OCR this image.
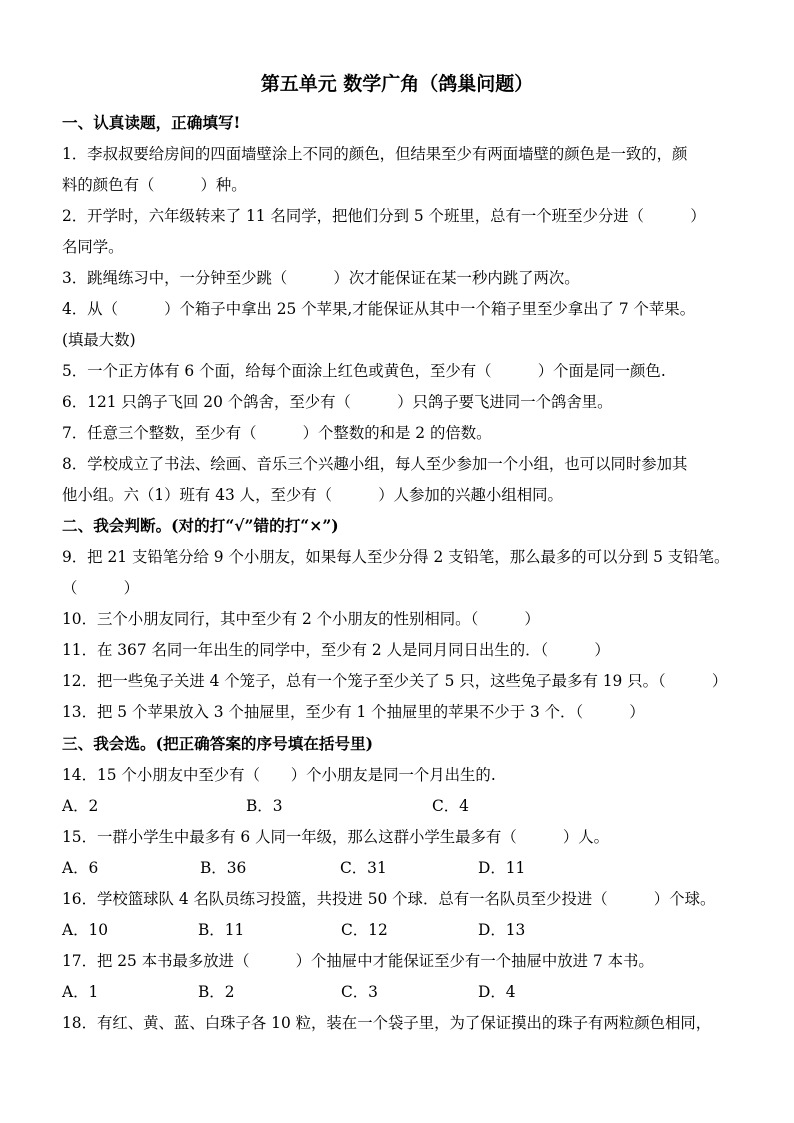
第五单元 数学广角（鸽巢问题）
一、认真读题，正确填写!
1．李叔叔要给房间的四面墙壁涂上不同的颜色，但结果至少有两面墙壁的颜色是一致的，颜
料的颜色有（　　　）种。
2．开学时，六年级转来了 11 名同学，把他们分到 5 个班里，总有一个班至少分进（　　　）
名同学。
3．跳绳练习中，一分钟至少跳（　　　）次才能保证在某一秒内跳了两次。
4．从（　　　）个箱子中拿出 25 个苹果,才能保证从其中一个箱子里至少拿出了 7 个苹果。
(填最大数)
5．一个正方体有 6 个面，给每个面涂上红色或黄色，至少有（　　　）个面是同一颜色.
6．121 只鸽子飞回 20 个鸽舍，至少有（　　　）只鸽子要飞进同一个鸽舍里。
7．任意三个整数，至少有（　　　）个整数的和是 2 的倍数。
8．学校成立了书法、绘画、音乐三个兴趣小组，每人至少参加一个小组，也可以同时参加其
他小组。六（1）班有 43 人，至少有（　　　）人参加的兴趣小组相同。
二、我会判断。(对的打“√”错的打“×”)
9．把 21 支铅笔分给 9 个小朋友，如果每人至少分得 2 支铅笔，那么最多的可以分到 5 支铅笔。
（　　　）
10．三个小朋友同行，其中至少有 2 个小朋友的性别相同。（　　　）
11．在 367 名同一年出生的同学中，至少有 2 人是同月同日出生的．（　　　）
12．把一些兔子关进 4 个笼子，总有一个笼子至少关了 5 只，这些兔子最多有 19 只。（　　　）
13．把 5 个苹果放入 3 个抽屉里，至少有 1 个抽屉里的苹果不少于 3 个．（　　　）
三、我会选。(把正确答案的序号填在括号里)
14．15 个小朋友中至少有（　　）个小朋友是同一个月出生的.
A．2	B．3	C．4
15．一群小学生中最多有 6 人同一年级，那么这群小学生最多有（　　　）人。
A．6	B．36	C．31	D．11
16．学校篮球队 4 名队员练习投篮，共投进 50 个球．总有一名队员至少投进（　　　）个球。
A．10	B．11	C．12	D．13
17．把 25 本书最多放进（　　　）个抽屉中才能保证至少有一个抽屉中放进 7 本书。
A．1	B．2	C．3	D．4
18．有红、黄、蓝、白珠子各 10 粒，装在一个袋子里，为了保证摸出的珠子有两粒颜色相同，
